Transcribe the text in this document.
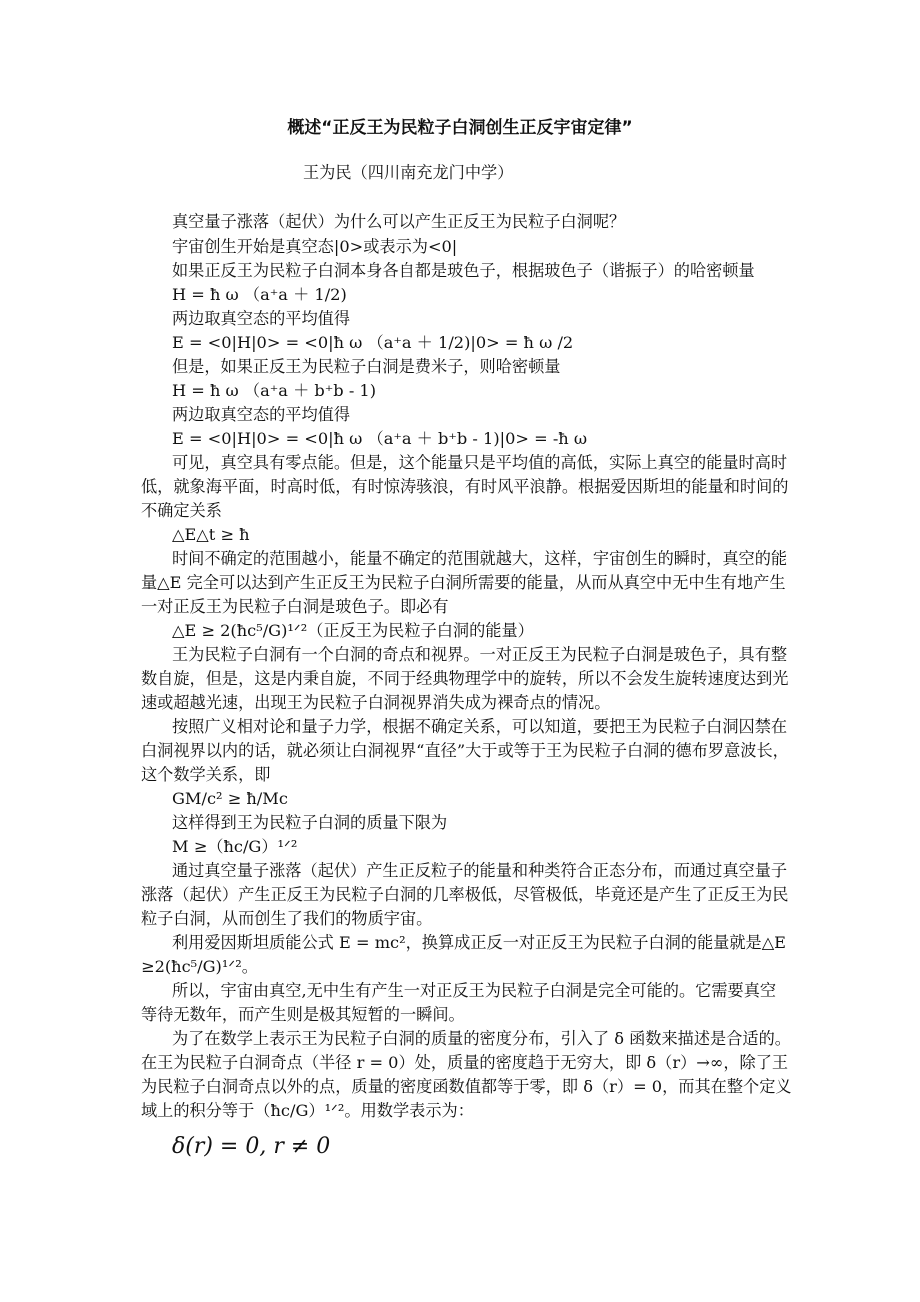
概述“正反王为民粒子白洞创生正反宇宙定律”
王为民（四川南充龙门中学）
真空量子涨落（起伏）为什么可以产生正反王为民粒子白洞呢？
宇宙创生开始是真空态|0>或表示为<0|
如果正反王为民粒子白洞本身各自都是玻色子，根据玻色子（谐振子）的哈密顿量
H = ħ ω （a⁺a ＋ 1/2)
两边取真空态的平均值得
E = <0|H|0> = <0|ħ ω （a⁺a ＋ 1/2)|0> = ħ ω /2
但是，如果正反王为民粒子白洞是费米子，则哈密顿量
H = ħ ω （a⁺a ＋ b⁺b - 1)
两边取真空态的平均值得
E = <0|H|0> = <0|ħ ω （a⁺a ＋ b⁺b - 1)|0> = -ħ ω
可见，真空具有零点能。但是，这个能量只是平均值的高低，实际上真空的能量时高时
低，就象海平面，时高时低，有时惊涛骇浪，有时风平浪静。根据爱因斯坦的能量和时间的
不确定关系
△E△t ≥ ħ
时间不确定的范围越小，能量不确定的范围就越大，这样，宇宙创生的瞬时，真空的能
量△E 完全可以达到产生正反王为民粒子白洞所需要的能量，从而从真空中无中生有地产生
一对正反王为民粒子白洞是玻色子。即必有
△E ≥ 2(ħc⁵/G)¹ᐟ²（正反王为民粒子白洞的能量）
王为民粒子白洞有一个白洞的奇点和视界。一对正反王为民粒子白洞是玻色子，具有整
数自旋，但是，这是内秉自旋，不同于经典物理学中的旋转，所以不会发生旋转速度达到光
速或超越光速，出现王为民粒子白洞视界消失成为裸奇点的情况。
按照广义相对论和量子力学，根据不确定关系，可以知道，要把王为民粒子白洞囚禁在
白洞视界以内的话，就必须让白洞视界“直径”大于或等于王为民粒子白洞的德布罗意波长，
这个数学关系，即
GM/c² ≥ ħ/Mc
这样得到王为民粒子白洞的质量下限为
M ≥（ħc/G）¹ᐟ²
通过真空量子涨落（起伏）产生正反粒子的能量和种类符合正态分布，而通过真空量子
涨落（起伏）产生正反王为民粒子白洞的几率极低，尽管极低，毕竟还是产生了正反王为民
粒子白洞，从而创生了我们的物质宇宙。
利用爱因斯坦质能公式 E = mc²，换算成正反一对正反王为民粒子白洞的能量就是△E
≥2(ħc⁵/G)¹ᐟ²。
所以，宇宙由真空,无中生有产生一对正反王为民粒子白洞是完全可能的。它需要真空
等待无数年，而产生则是极其短暂的一瞬间。
为了在数学上表示王为民粒子白洞的质量的密度分布，引入了 δ 函数来描述是合适的。
在王为民粒子白洞奇点（半径 r = 0）处，质量的密度趋于无穷大，即 δ（r）→∞，除了王
为民粒子白洞奇点以外的点，质量的密度函数值都等于零，即 δ（r）= 0，而其在整个定义
域上的积分等于（ħc/G）¹ᐟ²。用数学表示为：
δ(r) = 0, r ≠ 0
